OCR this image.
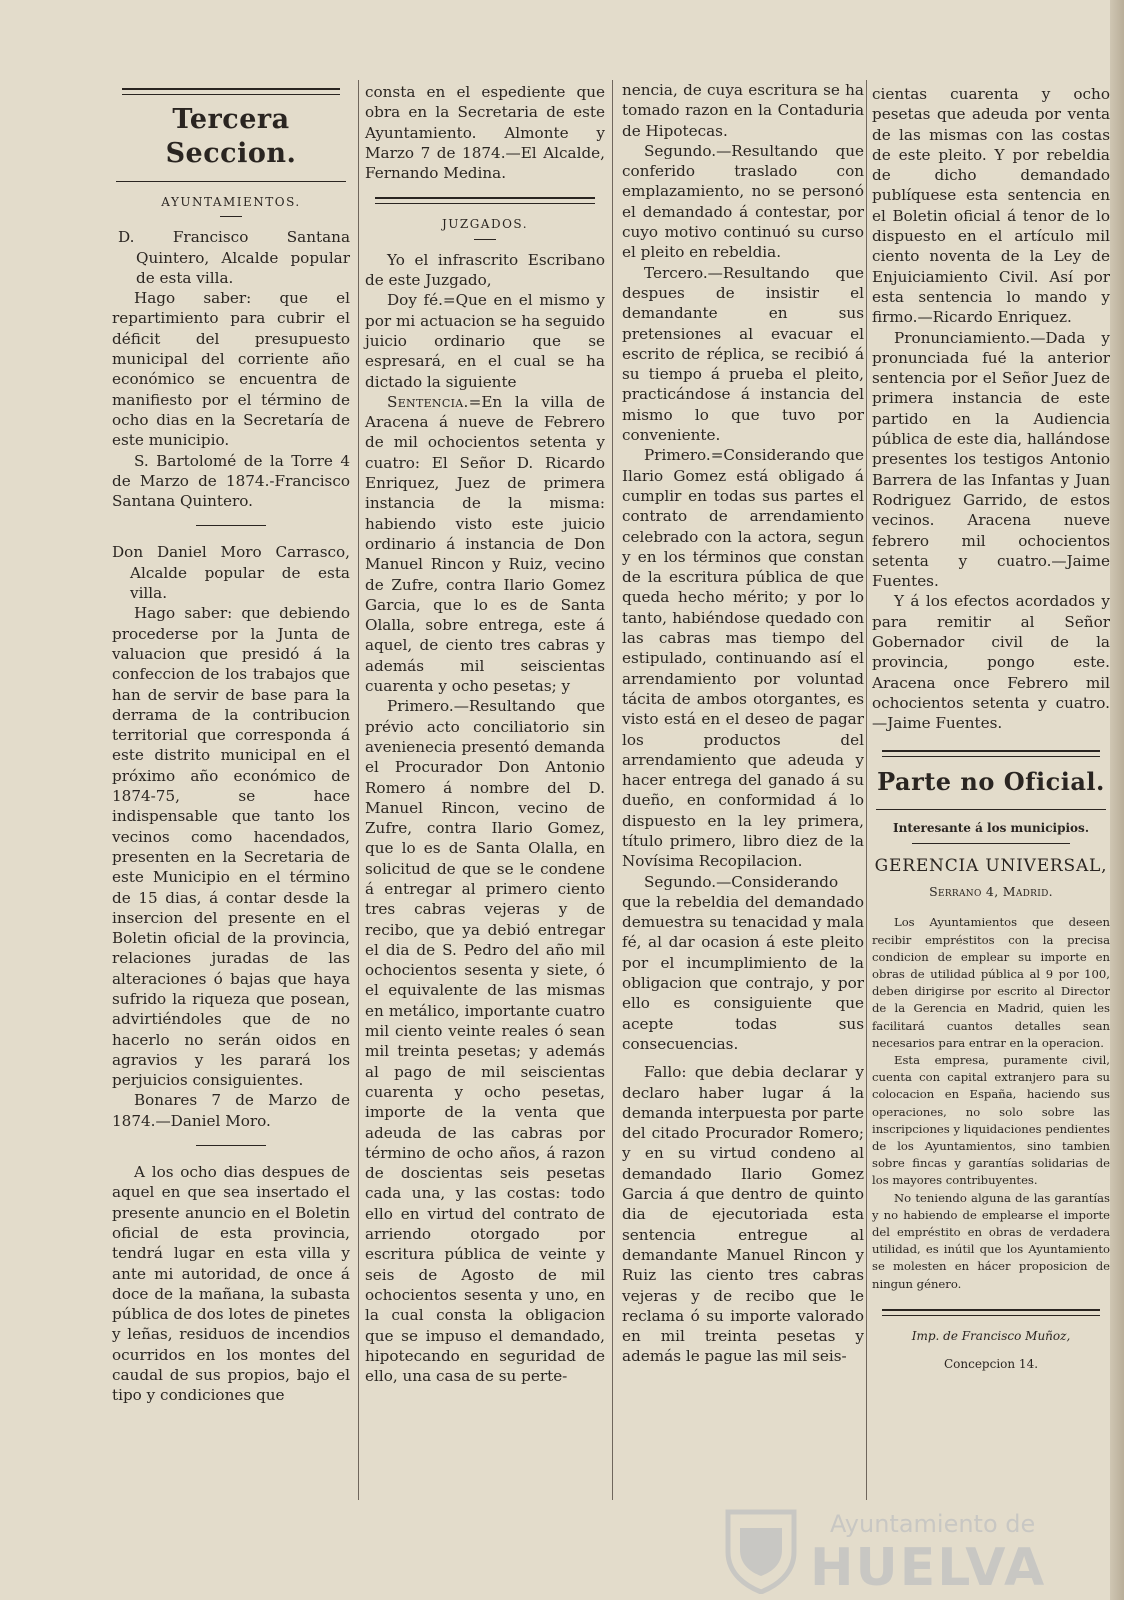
Tercera Seccion.
AYUNTAMIENTOS.

D. Francisco Santana Quintero, Alcalde popular de esta villa.

Hago saber: que el repartimiento para cubrir el déficit del presupuesto municipal del corriente año económico se encuentra de manifiesto por el término de ocho dias en la Secretaría de este municipio.

S. Bartolomé de la Torre 4 de Marzo de 1874.-Francisco Santana Quintero.

Don Daniel Moro Carrasco, Alcalde popular de esta villa.

Hago saber: que debiendo procederse por la Junta de valuacion que presidó á la confeccion de los trabajos que han de servir de base para la derrama de la contribucion territorial que corresponda á este distrito municipal en el próximo año económico de 1874-75, se hace indispensable que tanto los vecinos como hacendados, presenten en la Secretaria de este Municipio en el término de 15 dias, á contar desde la insercion del presente en el Boletin oficial de la provincia, relaciones juradas de las alteraciones ó bajas que haya sufrido la riqueza que posean, advirtiéndoles que de no hacerlo no serán oidos en agravios y les parará los perjuicios consiguientes.

Bonares 7 de Marzo de 1874.—Daniel Moro.

A los ocho dias despues de aquel en que sea insertado el presente anuncio en el Boletin oficial de esta provincia, tendrá lugar en esta villa y ante mi autoridad, de once á doce de la mañana, la subasta pública de dos lotes de pinetes y leñas, residuos de incendios ocurridos en los montes del caudal de sus propios, bajo el tipo y condiciones que

consta en el espediente que obra en la Secretaria de este Ayuntamiento. Almonte y Marzo 7 de 1874.—El Alcalde, Fernando Medina.

JUZGADOS.

Yo el infrascrito Escribano de este Juzgado,

Doy fé.=Que en el mismo y por mi actuacion se ha seguido juicio ordinario que se espresará, en el cual se ha dictado la siguiente

Sentencia.=En la villa de Aracena á nueve de Febrero de mil ochocientos setenta y cuatro: El Señor D. Ricardo Enriquez, Juez de primera instancia de la misma: habiendo visto este juicio ordinario á instancia de Don Manuel Rincon y Ruiz, vecino de Zufre, contra Ilario Gomez Garcia, que lo es de Santa Olalla, sobre entrega, este á aquel, de ciento tres cabras y además mil seiscientas cuarenta y ocho pesetas; y

Primero.—Resultando que prévio acto conciliatorio sin avenienecia presentó demanda el Procurador Don Antonio Romero á nombre del D. Manuel Rincon, vecino de Zufre, contra Ilario Gomez, que lo es de Santa Olalla, en solicitud de que se le condene á entregar al primero ciento tres cabras vejeras y de recibo, que ya debió entregar el dia de S. Pedro del año mil ochocientos sesenta y siete, ó el equivalente de las mismas en metálico, importante cuatro mil ciento veinte reales ó sean mil treinta pesetas; y además al pago de mil seiscientas cuarenta y ocho pesetas, importe de la venta que adeuda de las cabras por término de ocho años, á razon de doscientas seis pesetas cada una, y las costas: todo ello en virtud del contrato de arriendo otorgado por escritura pública de veinte y seis de Agosto de mil ochocientos sesenta y uno, en la cual consta la obligacion que se impuso el demandado, hipotecando en seguridad de ello, una casa de su perte-

nencia, de cuya escritura se ha tomado razon en la Contaduria de Hipotecas.

Segundo.—Resultando que conferido traslado con emplazamiento, no se personó el demandado á contestar, por cuyo motivo continuó su curso el pleito en rebeldia.

Tercero.—Resultando que despues de insistir el demandante en sus pretensiones al evacuar el escrito de réplica, se recibió á su tiempo á prueba el pleito, practicándose á instancia del mismo lo que tuvo por conveniente.

Primero.=Considerando que Ilario Gomez está obligado á cumplir en todas sus partes el contrato de arrendamiento celebrado con la actora, segun y en los términos que constan de la escritura pública de que queda hecho mérito; y por lo tanto, habiéndose quedado con las cabras mas tiempo del estipulado, continuando así el arrendamiento por voluntad tácita de ambos otorgantes, es visto está en el deseo de pagar los productos del arrendamiento que adeuda y hacer entrega del ganado á su dueño, en conformidad á lo dispuesto en la ley primera, título primero, libro diez de la Novísima Recopilacion.

Segundo.—Considerando que la rebeldia del demandado demuestra su tenacidad y mala fé, al dar ocasion á este pleito por el incumplimiento de la obligacion que contrajo, y por ello es consiguiente que acepte todas sus consecuencias.

Fallo: que debia declarar y declaro haber lugar á la demanda interpuesta por parte del citado Procurador Romero; y en su virtud condeno al demandado Ilario Gomez Garcia á que dentro de quinto dia de ejecutoriada esta sentencia entregue al demandante Manuel Rincon y Ruiz las ciento tres cabras vejeras y de recibo que le reclama ó su importe valorado en mil treinta pesetas y además le pague las mil seis-

cientas cuarenta y ocho pesetas que adeuda por venta de las mismas con las costas de este pleito. Y por rebeldia de dicho demandado publíquese esta sentencia en el Boletin oficial á tenor de lo dispuesto en el artículo mil ciento noventa de la Ley de Enjuiciamiento Civil. Así por esta sentencia lo mando y firmo.—Ricardo Enriquez.

Pronunciamiento.—Dada y pronunciada fué la anterior sentencia por el Señor Juez de primera instancia de este partido en la Audiencia pública de este dia, hallándose presentes los testigos Antonio Barrera de las Infantas y Juan Rodriguez Garrido, de estos vecinos. Aracena nueve febrero mil ochocientos setenta y cuatro.—Jaime Fuentes.

Y á los efectos acordados y para remitir al Señor Gobernador civil de la provincia, pongo este. Aracena once Febrero mil ochocientos setenta y cuatro.—Jaime Fuentes.

Parte no Oficial.
Interesante á los municipios.
GERENCIA UNIVERSAL,
Serrano 4, Madrid.

Los Ayuntamientos que deseen recibir empréstitos con la precisa condicion de emplear su importe en obras de utilidad pública al 9 por 100, deben dirigirse por escrito al Director de la Gerencia en Madrid, quien les facilitará cuantos detalles sean necesarios para entrar en la operacion.

Esta empresa, puramente civil, cuenta con capital extranjero para su colocacion en España, haciendo sus operaciones, no solo sobre las inscripciones y liquidaciones pendientes de los Ayuntamientos, sino tambien sobre fincas y garantías solidarias de los mayores contribuyentes.

No teniendo alguna de las garantías y no habiendo de emplearse el importe del empréstito en obras de verdadera utilidad, es inútil que los Ayuntamiento se molesten en hácer proposicion de ningun género.

Imp. de Francisco Muñoz,
Concepcion 14.
Ayuntamiento de
HUELVA
